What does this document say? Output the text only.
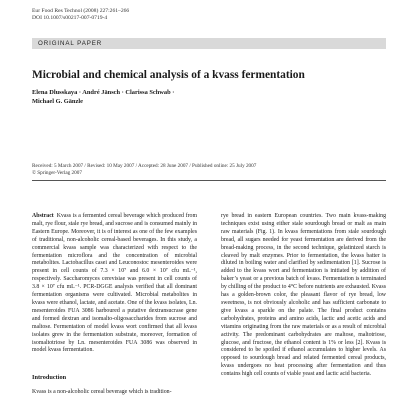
Eur Food Res Technol (2008) 227:261–266
DOI 10.1007/s00217-007-0719-4
ORIGINAL PAPER
Microbial and chemical analysis of a kvass fermentation
Elena Dlusskaya · André Jänsch · Clarissa Schwab ·
Michael G. Gänzle
Received: 5 March 2007 / Revised: 10 May 2007 / Accepted: 28 June 2007 / Published online: 25 July 2007
© Springer-Verlag 2007

Abstract Kvass is a fermented cereal beverage which produced from malt, rye flour, stale rye bread, and sucrose and is consumed mainly in Eastern Europe. Moreover, it is of interest as one of the few examples of traditional, non-alcoholic cereal-based beverages. In this study, a commercial kvass sample was characterized with respect to the fermentation microflora and the concentration of microbial metabolites. Lactobacillus casei and Leuconostoc mesenteroides were present in cell counts of 7.3 × 10⁷ and 6.0 × 10⁷ cfu mL⁻¹, respectively. Saccharomyces cerevisiae was present in cell counts of 3.8 × 10⁷ cfu mL⁻¹. PCR-DGGE analysis verified that all dominant fermentation organisms were cultivated. Microbial metabolites in kvass were ethanol, lactate, and acetate. One of the kvass isolates, Ln. mesenteroides FUA 3086 harboured a putative dextransucrase gene and formed dextran and isomalto-oligosaccharides from sucrose and maltose. Fermentation of model kvass wort confirmed that all kvass isolates grew in the fermentation substrate, moreover, formation of isomaltotriose by Ln. mesenteroides FUA 3086 was observed in model kvass fermentation.

Introduction
Kvass is a non-alcoholic cereal beverage which is tradition-

rye bread in eastern European countries. Two main kvass-making techniques exist using either stale sourdough bread or malt as main raw materials (Fig. 1). In kvass fermentations from stale sourdough bread, all sugars needed for yeast fermentation are derived from the bread-making process, in the second technique, gelatinized starch is cleaved by malt enzymes. Prior to fermentation, the kvass batter is diluted in boiling water and clarified by sedimentation [1]. Sucrose is added to the kvass wort and fermentation is initiated by addition of baker’s yeast or a previous batch of kvass. Fermentation is terminated by chilling of the product to 4°C before nutrients are exhausted. Kvass has a golden-brown color, the pleasant flavor of rye bread, low sweetness, is not obviously alcoholic and has sufficient carbonate to give kvass a sparkle on the palate. The final product contains carbohydrates, proteins and amino acids, lactic and acetic acids and vitamins originating from the raw materials or as a result of microbial activity. The predominant carbohydrates are maltose, maltotriose, glucose, and fructose, the ethanol content is 1% or less [2]. Kvass is considered to be spoiled if ethanol accumulates to higher levels. As opposed to sourdough bread and related fermented cereal products, kvass undergoes no heat processing after fermentation and thus contains high cell counts of viable yeast and lactic acid bacteria.
